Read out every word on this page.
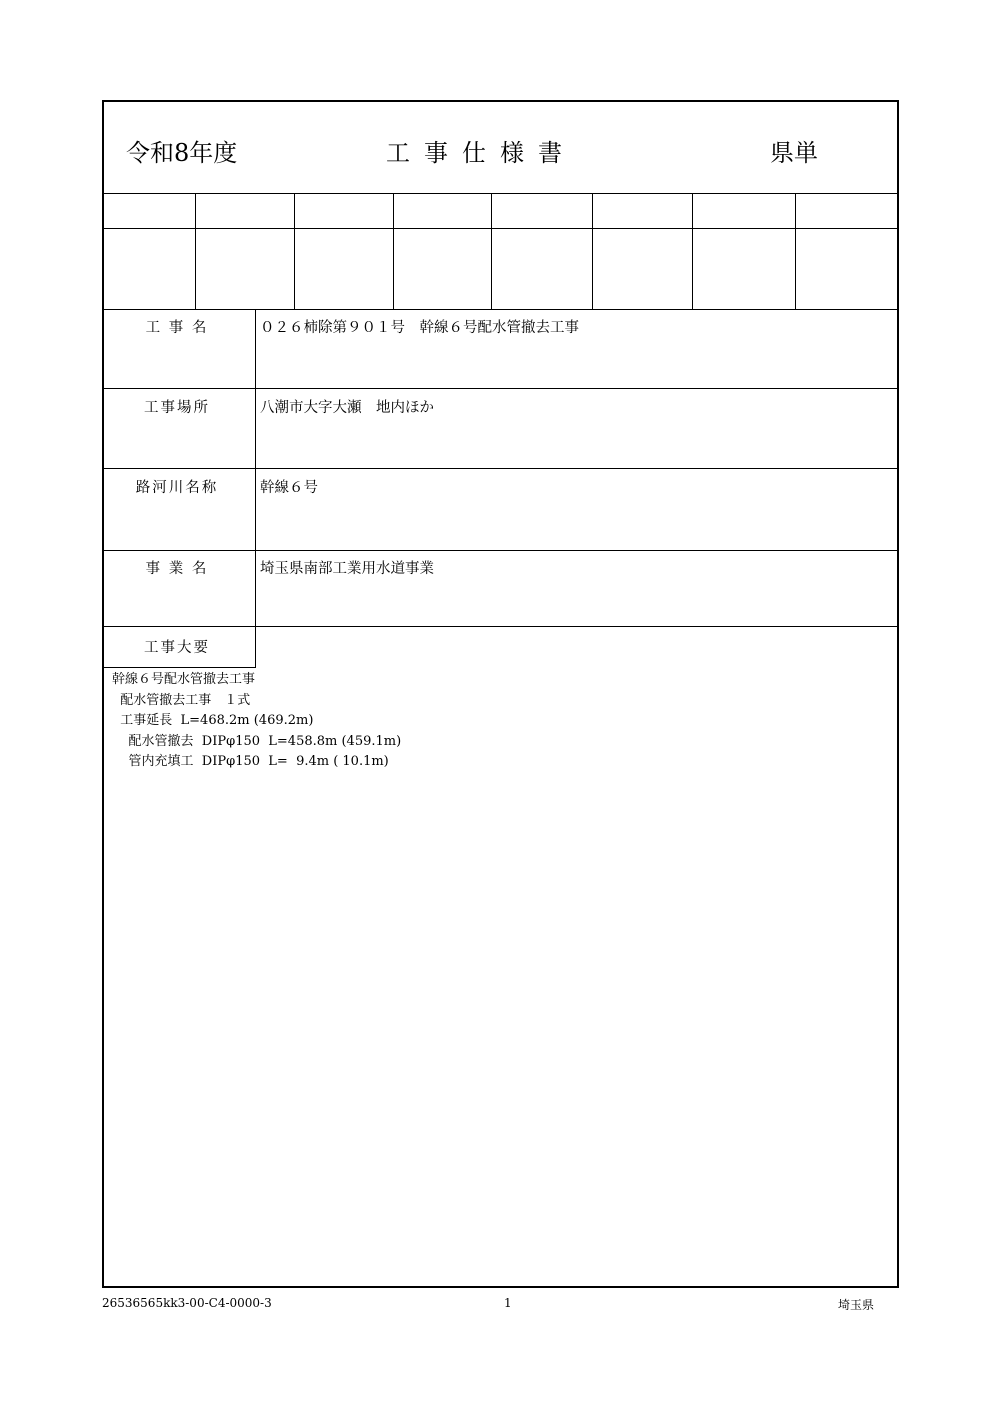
令和8年度	工事仕様書	県単
工 事 名	０２６柿除第９０１号　幹線６号配水管撤去工事
工事場所	八潮市大字大瀬　地内ほか
路河川名称	幹線６号
事 業 名	埼玉県南部工業用水道事業
工事大要
幹線６号配水管撤去工事
配水管撤去工事　１式
工事延長  L=468.2m (469.2m)
配水管撤去  DIPφ150  L=458.8m (459.1m)
管内充填工  DIPφ150  L=  9.4m ( 10.1m)
26536565kk3-00-C4-0000-3	1	埼玉県
